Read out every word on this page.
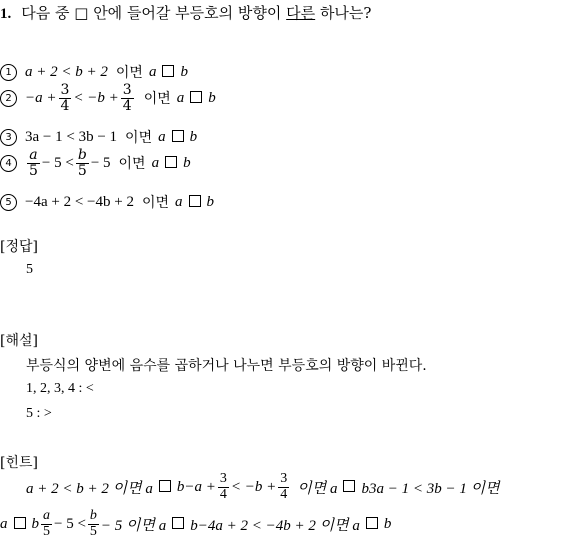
1. 다음 중 □ 안에 들어갈 부등호의 방향이 다른 하나는?
1 a + 2 < b + 2 이면 a b
$2 -a + \frac{3}{4} < -b + \frac{3}{4}$ 이면 a b
3 3a − 1 < 3b − 1 이면 a b
4	$\frac{a}{5} - 5 < \frac{b}{5} - 5$ 이면 a b
5 −4a + 2 < −4b + 2 이면 a b
[정답]
5
[해설]
부등식의 양변에 음수를 곱하거나 나누면 부등호의 방향이 바뀐다.
1, 2, 3, 4 : <
5 : >
[힌트]
a + 2 < b + 2 이면 a $b-a + \frac{3}{4} < -b + \frac{3}{4}$ 이면 a b3a − 1 < 3b − 1 이면
a b $\frac{a}{5} - 5 < \frac{b}{5} - 5$ 이면 a b−4a + 2 < −4b + 2 이면 a b
